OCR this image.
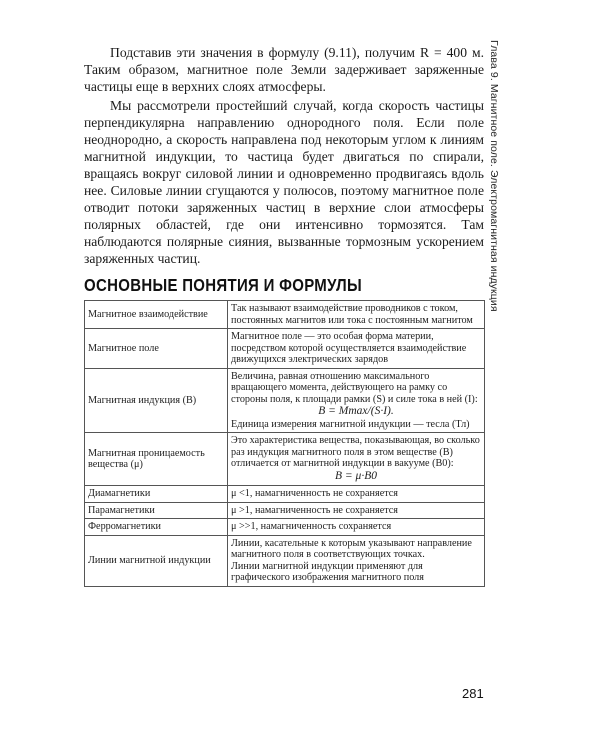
Глава 9. Магнитное поле. Электромагнитная индукция

Подставив эти значения в формулу (9.11), получим R = 400 м. Таким образом, магнитное поле Земли задерживает заряженные частицы еще в верхних слоях атмосферы.

Мы рассмотрели простейший случай, когда скорость частицы перпендикулярна направлению однородного поля. Если поле неоднородно, а скорость направлена под некоторым углом к линиям магнитной индукции, то частица будет двигаться по спирали, вращаясь вокруг силовой линии и одновременно продвигаясь вдоль нее. Силовые линии сгущаются у полюсов, поэтому магнитное поле отводит потоки заряженных частиц в верхние слои атмосферы полярных областей, где они интенсивно тормозятся. Там наблюдаются полярные сияния, вызванные тормозным ускорением заряженных частиц.

ОСНОВНЫЕ ПОНЯТИЯ И ФОРМУЛЫ
Магнитное взаимодействие	Так называют взаимодействие проводников с током, постоянных магнитов или тока с постоянным магнитом
Магнитное поле	Магнитное поле — это особая форма материи, посредством которой осуществляется взаимодействие движущихся электрических зарядов
Магнитная индукция (B)	Величина, равная отношению максимального вращающего момента, действующего на рамку со стороны поля, к площади рамки (S) и силе тока в ней (I):
B = Mmax/(S·I).
Единица измерения магнитной индукции — тесла (Тл)

Магнитная проницаемость вещества (μ)	Это характеристика вещества, показывающая, во сколько раз индукция магнитного поля в этом веществе (B) отличается от магнитной индукции в вакууме (B0):
B = μ·B0

Диамагнетики	μ <1, намагниченность не сохраняется
Парамагнетики	μ >1, намагниченность не сохраняется
Ферромагнетики	μ >>1, намагниченность сохраняется
Линии магнитной индукции	Линии, касательные к которым указывают направление магнитного поля в соответствующих точках.
Линии магнитной индукции применяют для графического изображения магнитного поля
281
